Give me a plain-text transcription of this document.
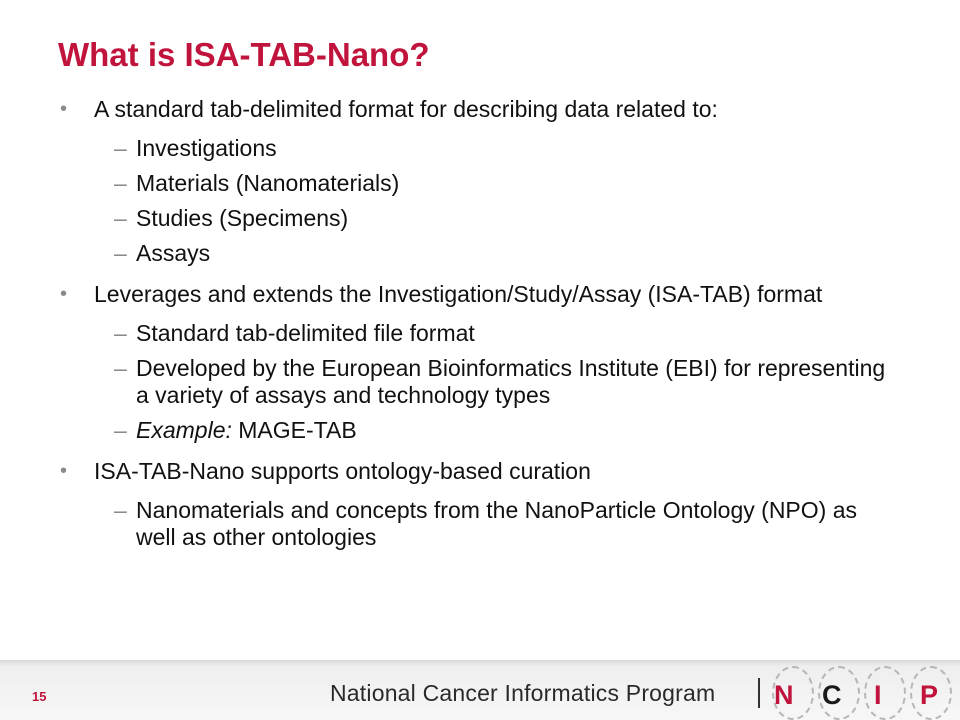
What is ISA-TAB-Nano?
• A standard tab-delimited format for describing data related to:
– Investigations
– Materials (Nanomaterials)
– Studies (Specimens)
– Assays
• Leverages and extends the Investigation/Study/Assay (ISA-TAB) format
– Standard tab-delimited file format
– Developed by the European Bioinformatics Institute (EBI) for representing a variety of assays and technology types
– Example: MAGE-TAB
• ISA-TAB-Nano supports ontology-based curation
– Nanomaterials and concepts from the NanoParticle Ontology (NPO) as well as other ontologies
15	National Cancer Informatics Program N C I P
